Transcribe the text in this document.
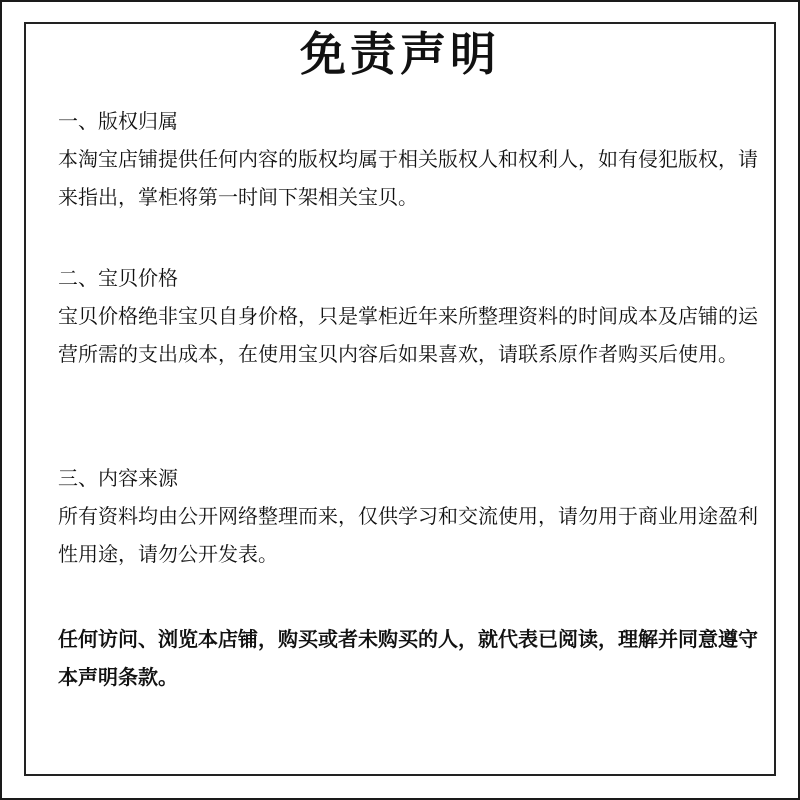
免责声明

一、版权归属

本淘宝店铺提供任何内容的版权均属于相关版权人和权利人，如有侵犯版权，请来指出，掌柜将第一时间下架相关宝贝。

二、宝贝价格

宝贝价格绝非宝贝自身价格，只是掌柜近年来所整理资料的时间成本及店铺的运营所需的支出成本，在使用宝贝内容后如果喜欢，请联系原作者购买后使用。

三、内容来源

所有资料均由公开网络整理而来，仅供学习和交流使用，请勿用于商业用途盈利性用途，请勿公开发表。

任何访问、浏览本店铺，购买或者未购买的人，就代表已阅读，理解并同意遵守本声明条款。
